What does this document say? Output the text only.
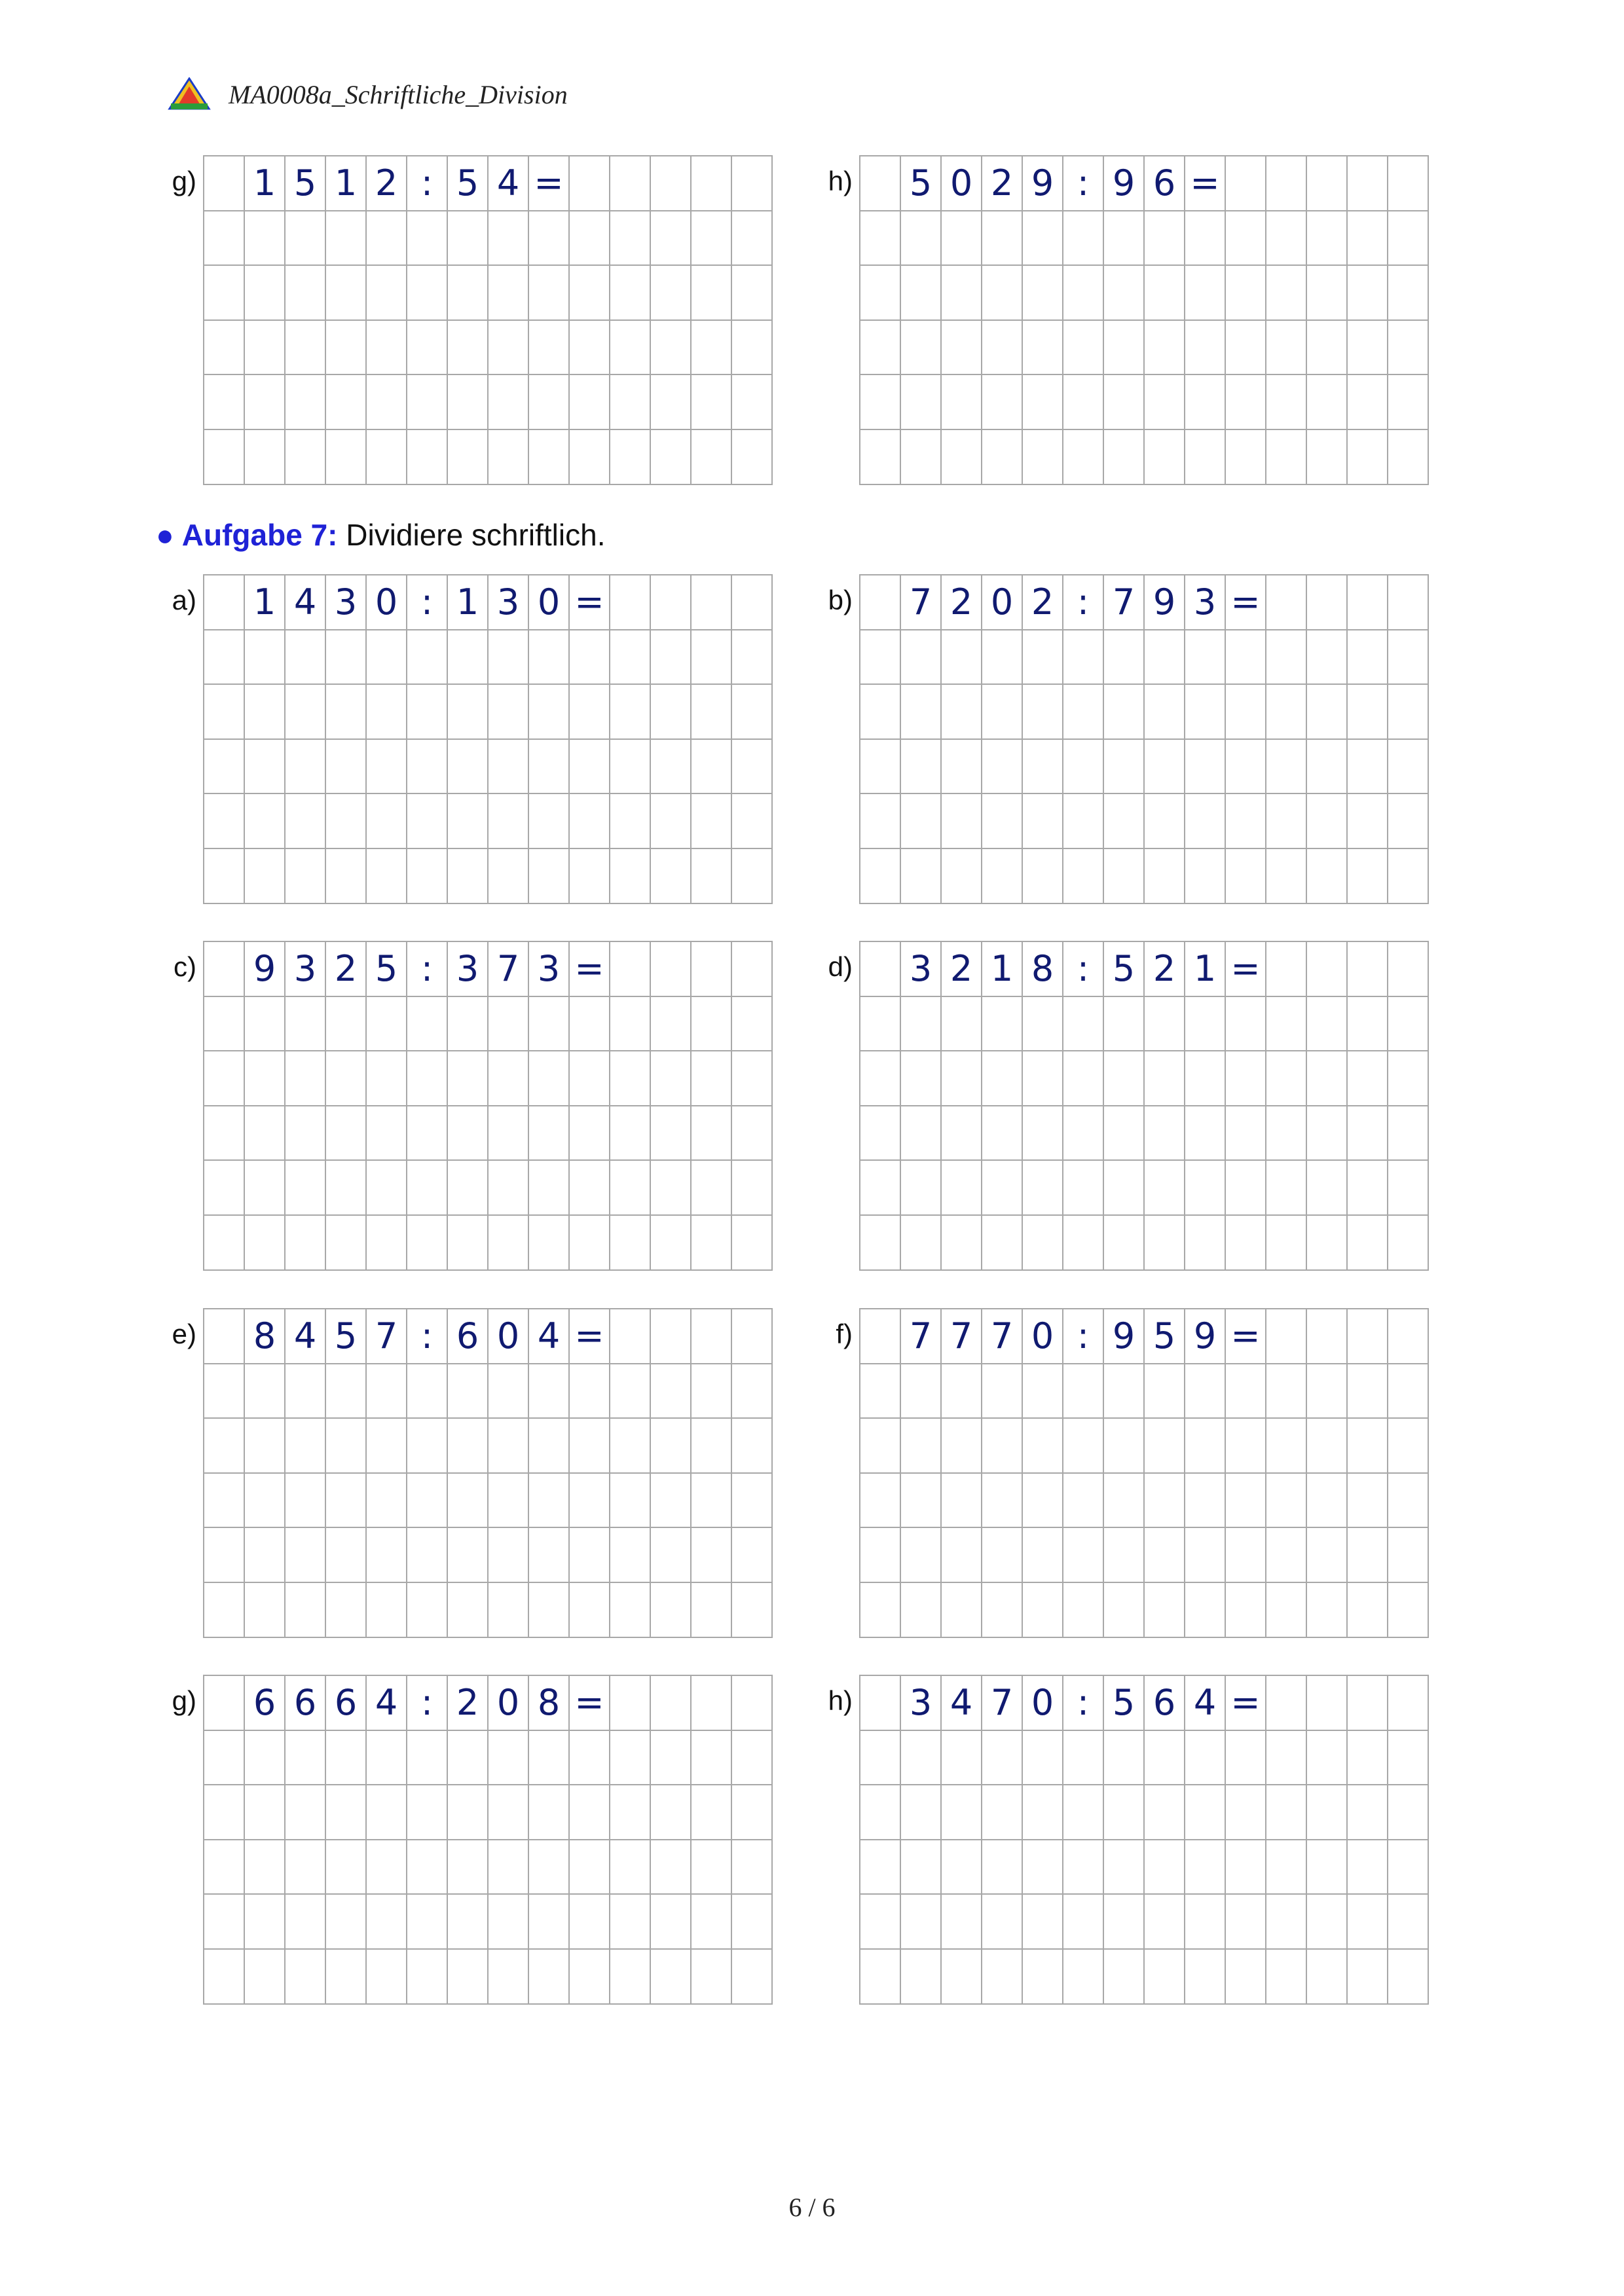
MA0008a_Schriftliche_Division
● Aufgabe 7: Dividiere schriftlich.
g) 1 5 1 2 : 5 4 =	h) 5 0 2 9 : 9 6 =
a) 1 4 3 0 : 1 3 0 =	b) 7 2 0 2 : 7 9 3 =
c) 9 3 2 5 : 3 7 3 =	d) 3 2 1 8 : 5 2 1 =
e) 8 4 5 7 : 6 0 4 =	f) 7 7 7 0 : 9 5 9 =
g) 6 6 6 4 : 2 0 8 =	h) 3 4 7 0 : 5 6 4 =
6 / 6
